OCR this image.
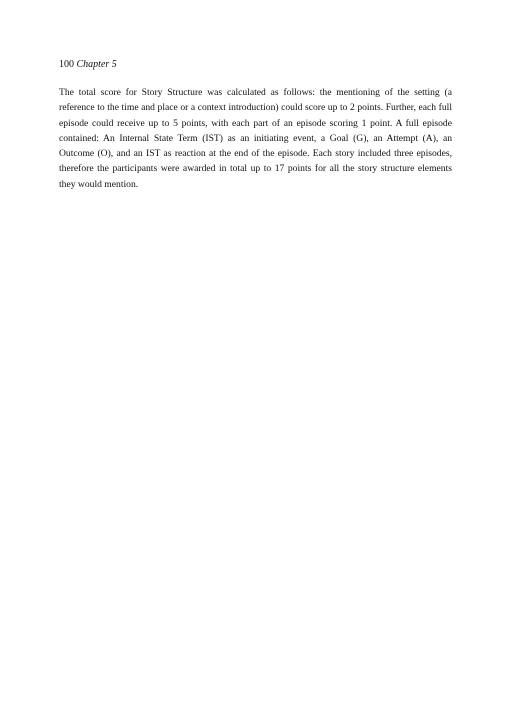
100 Chapter 5

The total score for Story Structure was calculated as follows: the mentioning of the setting (a reference to the time and place or a context introduction) could score up to 2 points. Further, each full episode could receive up to 5 points, with each part of an episode scoring 1 point. A full episode contained: An Internal State Term (IST) as an initiating event, a Goal (G), an Attempt (A), an Outcome (O), and an IST as reaction at the end of the episode. Each story included three episodes, therefore the participants were awarded in total up to 17 points for all the story structure elements they would mention.
